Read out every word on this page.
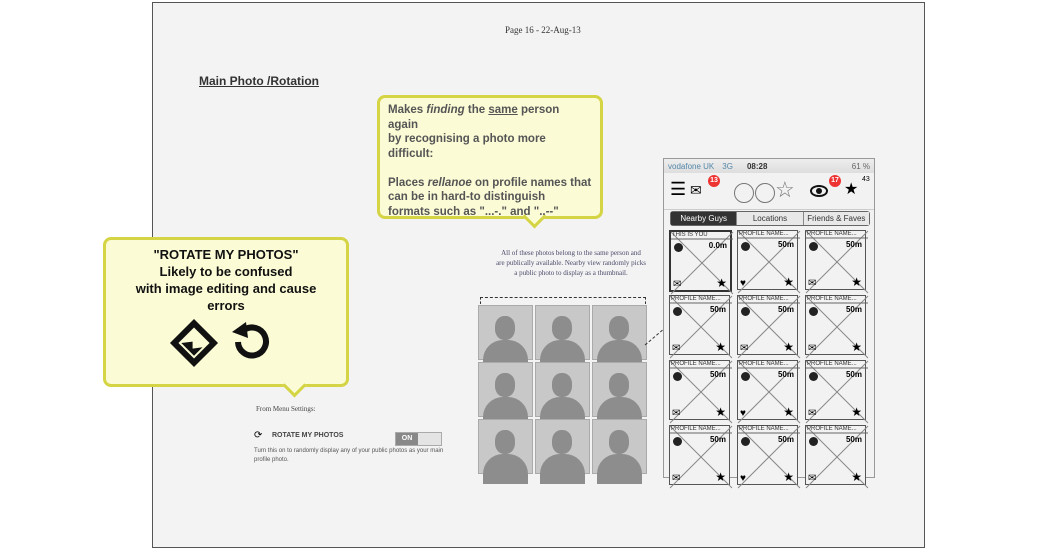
Page 16 - 22-Aug-13
Main Photo /Rotation
Makes finding the same person again
by recognising a photo more difficult:

Places rellanoe on profile names that
can be in hard-to distinguish
formats such as "...-." and "..--"
"ROTATE MY PHOTOS"
Likely to be confused
with image editing and cause
errors
All of these photos belong to the same person and are publically available. Nearby view randomly picks a public photo to display as a thumbnail.
From Menu Settings:
⟳ ROTATE MY PHOTOS	ON
Turn this on to randomly display any of your public photos as your main profile photo.
vodafone UK 3G 08:28	61 %
☰ ✉
13	☆	17
★
43
Nearby Guys	Locations	Friends & Faves
THIS IS YOU
0.0m
✉	★
PROFILE NAME...
50m
♥	★
PROFILE NAME...
50m
✉	★
PROFILE NAME...
50m
✉	★
PROFILE NAME...
50m
✉	★
PROFILE NAME...
50m
✉	★
PROFILE NAME...
50m
✉	★
PROFILE NAME...
50m
♥	★
PROFILE NAME...
50m
✉	★
PROFILE NAME...
50m
✉	★
PROFILE NAME...
50m
♥	★
PROFILE NAME...
50m
✉	★
